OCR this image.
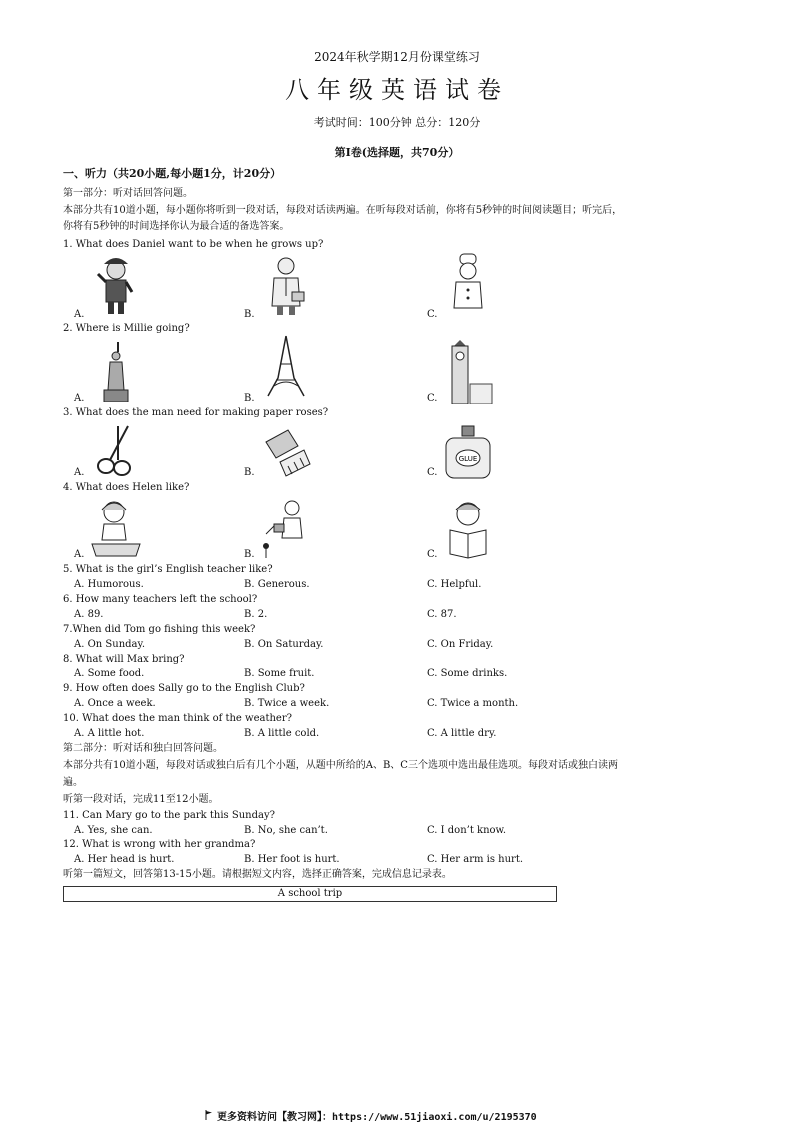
2024年秋学期12月份课堂练习
八年级英语试卷
考试时间：100分钟 总分：120分
第Ⅰ卷(选择题，共70分）
一、听力（共20小题,每小题1分，计20分）
第一部分：听对话回答问题。
本部分共有10道小题，每小题你将听到一段对话，每段对话读两遍。在听每段对话前，你将有5秒钟的时间阅读题目；听完后，
你将有5秒钟的时间选择你认为最合适的备选答案。
1. What does Daniel want to be when he grows up?
A.	B.	C.
2. Where is Millie going?
A.	B.	C.
3. What does the man need for making paper roses?
A.	B.	C.
GLUE
4. What does Helen like?
A.	B.	C.
5. What is the girl’s English teacher like?
A. Humorous.	B. Generous.	C. Helpful.
6. How many teachers left the school?
A. 89.	B. 2.	C. 87.
7.When did Tom go fishing this week?
A. On Sunday.	B. On Saturday.	C. On Friday.
8. What will Max bring?
A. Some food.	B. Some fruit.	C. Some drinks.
9. How often does Sally go to the English Club?
A. Once a week.	B. Twice a week.	C. Twice a month.
10. What does the man think of the weather?
A. A little hot.	B. A little cold.	C. A little dry.
第二部分：听对话和独白回答问题。
本部分共有10道小题，每段对话或独白后有几个小题，从题中所给的A、B、C三个选项中选出最佳选项。每段对话或独白读两
遍。
听第一段对话，完成11至12小题。
11. Can Mary go to the park this Sunday?
A. Yes, she can.	B. No, she can’t.	C. I don’t know.
12. What is wrong with her grandma?
A. Her head is hurt.	B. Her foot is hurt.	C. Her arm is hurt.
听第一篇短文，回答第13-15小题。请根据短文内容，选择正确答案，完成信息记录表。
A school trip
更多资料访问【教习网】：https://www.51jiaoxi.com/u/2195370
